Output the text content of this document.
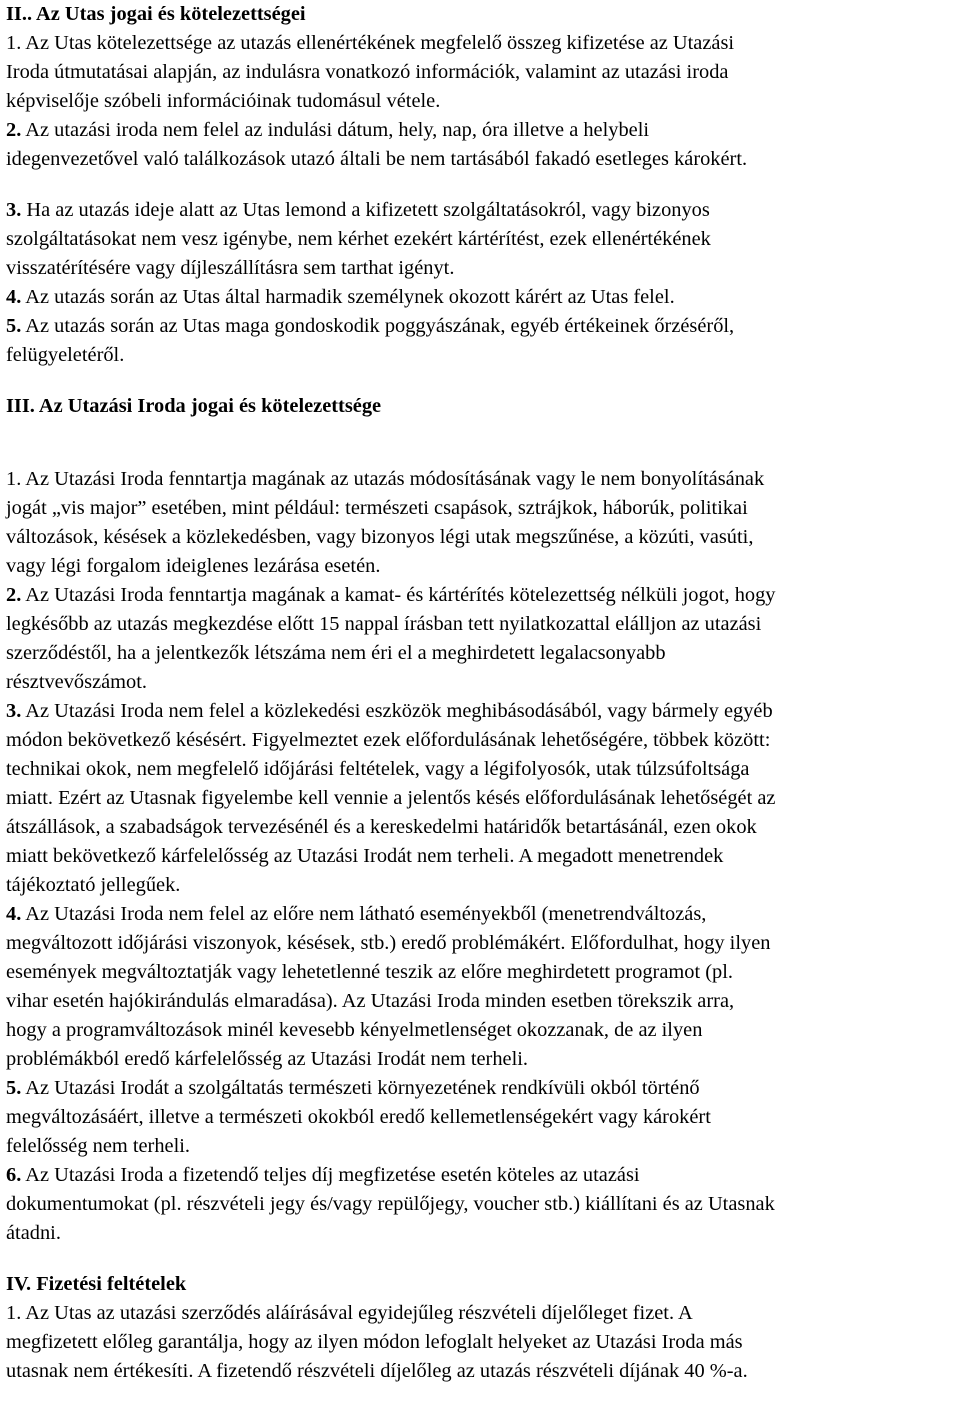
II.. Az Utas jogai és kötelezettségei
1. Az Utas kötelezettsége az utazás ellenértékének megfelelő összeg kifizetése az Utazási
Iroda útmutatásai alapján, az indulásra vonatkozó információk, valamint az utazási iroda
képviselője szóbeli információinak tudomásul vétele.
2. Az utazási iroda nem felel az indulási dátum, hely, nap, óra illetve a helybeli
idegenvezetővel való találkozások utazó általi be nem tartásából fakadó esetleges károkért.
3. Ha az utazás ideje alatt az Utas lemond a kifizetett szolgáltatásokról, vagy bizonyos
szolgáltatásokat nem vesz igénybe, nem kérhet ezekért kártérítést, ezek ellenértékének
visszatérítésére vagy díjleszállításra sem tarthat igényt.
4. Az utazás során az Utas által harmadik személynek okozott kárért az Utas felel.
5. Az utazás során az Utas maga gondoskodik poggyászának, egyéb értékeinek őrzéséről,
felügyeletéről.
III. Az Utazási Iroda jogai és kötelezettsége
1. Az Utazási Iroda fenntartja magának az utazás módosításának vagy le nem bonyolításának
jogát „vis major” esetében, mint például: természeti csapások, sztrájkok, háborúk, politikai
változások, késések a közlekedésben, vagy bizonyos légi utak megszűnése, a közúti, vasúti,
vagy légi forgalom ideiglenes lezárása esetén.
2. Az Utazási Iroda fenntartja magának a kamat- és kártérítés kötelezettség nélküli jogot, hogy
legkésőbb az utazás megkezdése előtt 15 nappal írásban tett nyilatkozattal elálljon az utazási
szerződéstől, ha a jelentkezők létszáma nem éri el a meghirdetett legalacsonyabb
résztvevőszámot.
3. Az Utazási Iroda nem felel a közlekedési eszközök meghibásodásából, vagy bármely egyéb
módon bekövetkező késésért. Figyelmeztet ezek előfordulásának lehetőségére, többek között:
technikai okok, nem megfelelő időjárási feltételek, vagy a légifolyosók, utak túlzsúfoltsága
miatt. Ezért az Utasnak figyelembe kell vennie a jelentős késés előfordulásának lehetőségét az
átszállások, a szabadságok tervezésénél és a kereskedelmi határidők betartásánál, ezen okok
miatt bekövetkező kárfelelősség az Utazási Irodát nem terheli. A megadott menetrendek
tájékoztató jellegűek.
4. Az Utazási Iroda nem felel az előre nem látható eseményekből (menetrendváltozás,
megváltozott időjárási viszonyok, késések, stb.) eredő problémákért. Előfordulhat, hogy ilyen
események megváltoztatják vagy lehetetlenné teszik az előre meghirdetett programot (pl.
vihar esetén hajókirándulás elmaradása). Az Utazási Iroda minden esetben törekszik arra,
hogy a programváltozások minél kevesebb kényelmetlenséget okozzanak, de az ilyen
problémákból eredő kárfelelősség az Utazási Irodát nem terheli.
5. Az Utazási Irodát a szolgáltatás természeti környezetének rendkívüli okból történő
megváltozásáért, illetve a természeti okokból eredő kellemetlenségekért vagy károkért
felelősség nem terheli.
6. Az Utazási Iroda a fizetendő teljes díj megfizetése esetén köteles az utazási
dokumentumokat (pl. részvételi jegy és/vagy repülőjegy, voucher stb.) kiállítani és az Utasnak
átadni.
IV. Fizetési feltételek
1. Az Utas az utazási szerződés aláírásával egyidejűleg részvételi díjelőleget fizet. A
megfizetett előleg garantálja, hogy az ilyen módon lefoglalt helyeket az Utazási Iroda más
utasnak nem értékesíti. A fizetendő részvételi díjelőleg az utazás részvételi díjának 40 %-a.
